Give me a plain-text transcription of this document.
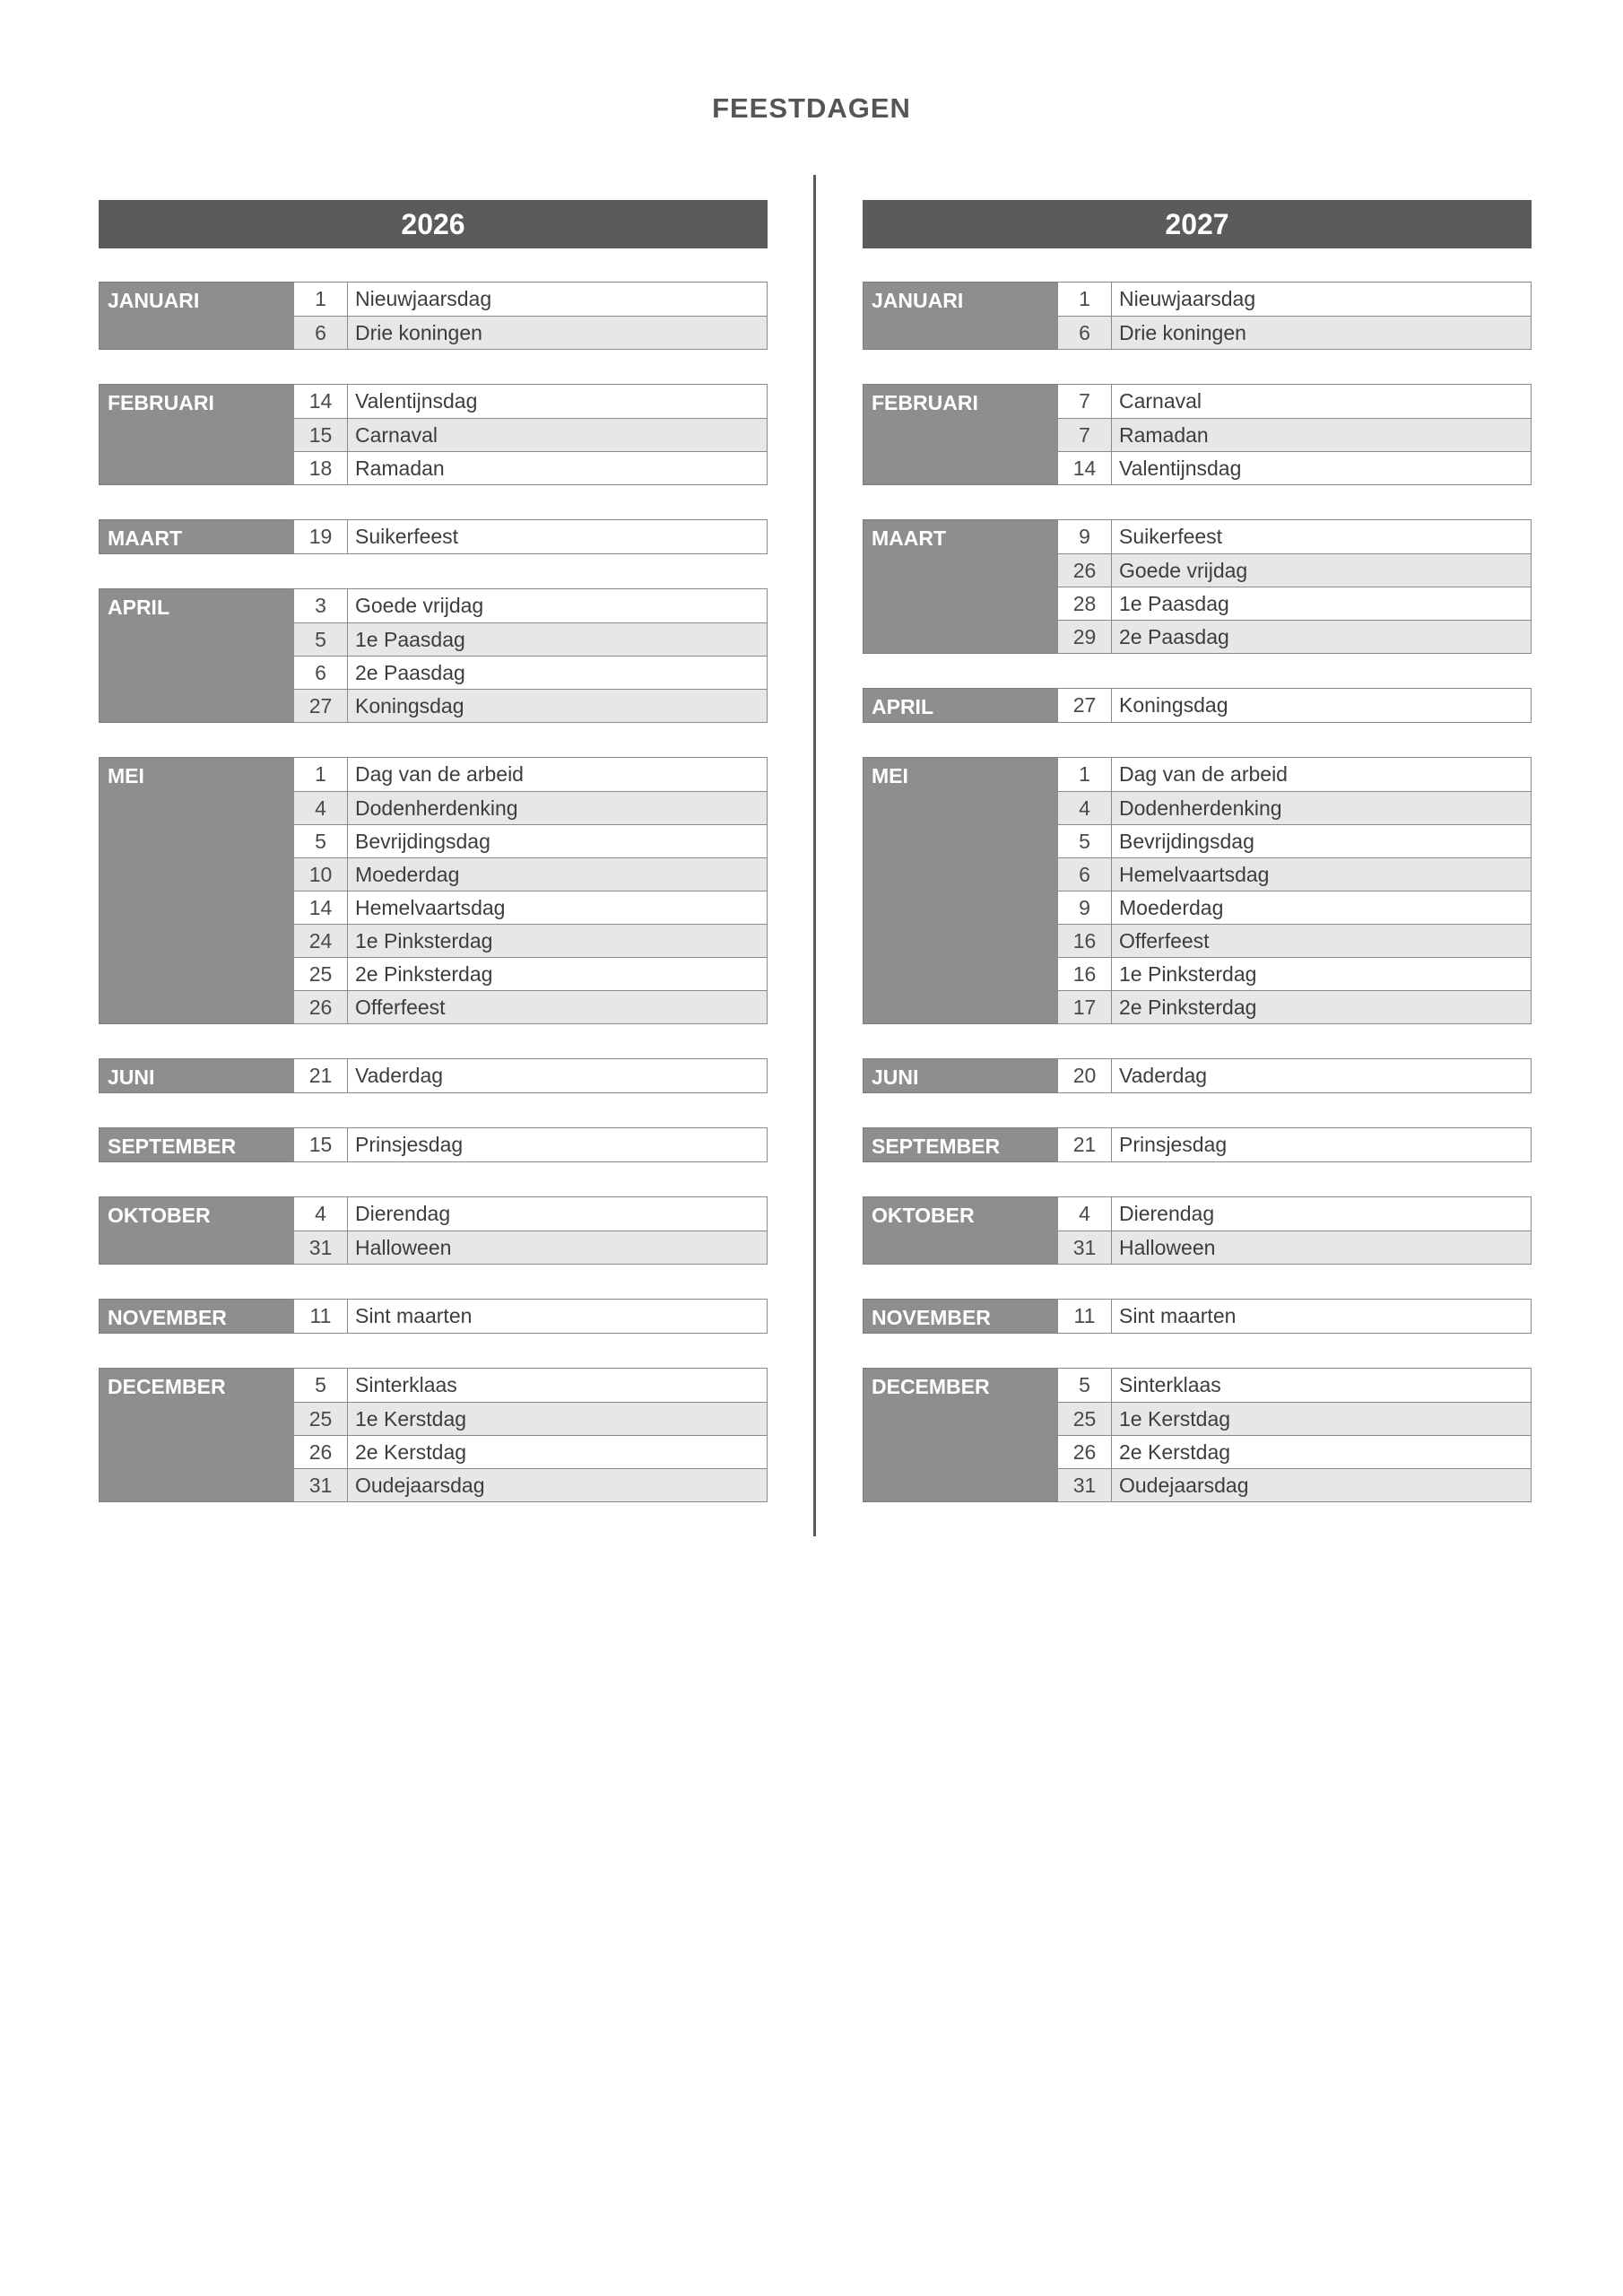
FEESTDAGEN
2026
JANUARI	1	Nieuwjaarsdag
6	Drie koningen
FEBRUARI	14	Valentijnsdag
15	Carnaval
18	Ramadan
MAART	19	Suikerfeest
APRIL	3	Goede vrijdag
5	1e Paasdag
6	2e Paasdag
27	Koningsdag
MEI	1	Dag van de arbeid
4	Dodenherdenking
5	Bevrijdingsdag
10	Moederdag
14	Hemelvaartsdag
24	1e Pinksterdag
25	2e Pinksterdag
26	Offerfeest
JUNI	21	Vaderdag
SEPTEMBER	15	Prinsjesdag
OKTOBER	4	Dierendag
31	Halloween
NOVEMBER	11	Sint maarten
DECEMBER	5	Sinterklaas
25	1e Kerstdag
26	2e Kerstdag
31	Oudejaarsdag
2027
JANUARI	1	Nieuwjaarsdag
6	Drie koningen
FEBRUARI	7	Carnaval
7	Ramadan
14	Valentijnsdag
MAART	9	Suikerfeest
26	Goede vrijdag
28	1e Paasdag
29	2e Paasdag
APRIL	27	Koningsdag
MEI	1	Dag van de arbeid
4	Dodenherdenking
5	Bevrijdingsdag
6	Hemelvaartsdag
9	Moederdag
16	Offerfeest
16	1e Pinksterdag
17	2e Pinksterdag
JUNI	20	Vaderdag
SEPTEMBER	21	Prinsjesdag
OKTOBER	4	Dierendag
31	Halloween
NOVEMBER	11	Sint maarten
DECEMBER	5	Sinterklaas
25	1e Kerstdag
26	2e Kerstdag
31	Oudejaarsdag
